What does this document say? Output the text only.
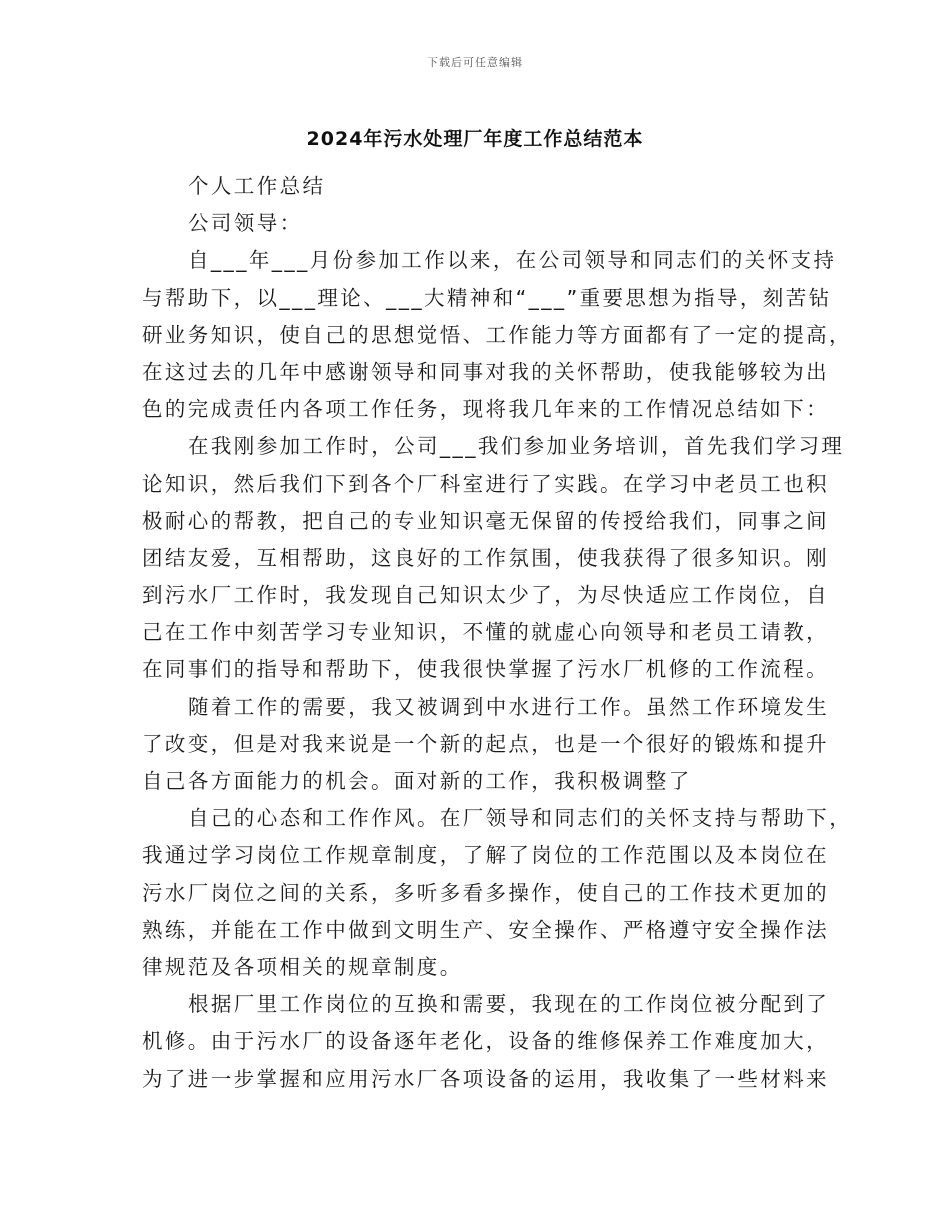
下载后可任意编辑
2024年污水处理厂年度工作总结范本
个人工作总结
公司领导：
自___年___月份参加工作以来，在公司领导和同志们的关怀支持
与帮助下，以___理论、___大精神和“___”重要思想为指导，刻苦钻
研业务知识，使自己的思想觉悟、工作能力等方面都有了一定的提高，
在这过去的几年中感谢领导和同事对我的关怀帮助，使我能够较为出
色的完成责任内各项工作任务，现将我几年来的工作情况总结如下：
在我刚参加工作时，公司___我们参加业务培训，首先我们学习理
论知识，然后我们下到各个厂科室进行了实践。在学习中老员工也积
极耐心的帮教，把自己的专业知识毫无保留的传授给我们，同事之间
团结友爱，互相帮助，这良好的工作氛围，使我获得了很多知识。刚
到污水厂工作时，我发现自己知识太少了，为尽快适应工作岗位，自
己在工作中刻苦学习专业知识，不懂的就虚心向领导和老员工请教，
在同事们的指导和帮助下，使我很快掌握了污水厂机修的工作流程。
随着工作的需要，我又被调到中水进行工作。虽然工作环境发生
了改变，但是对我来说是一个新的起点，也是一个很好的锻炼和提升
自己各方面能力的机会。面对新的工作，我积极调整了
自己的心态和工作作风。在厂领导和同志们的关怀支持与帮助下，
我通过学习岗位工作规章制度，了解了岗位的工作范围以及本岗位在
污水厂岗位之间的关系，多听多看多操作，使自己的工作技术更加的
熟练，并能在工作中做到文明生产、安全操作、严格遵守安全操作法
律规范及各项相关的规章制度。
根据厂里工作岗位的互换和需要，我现在的工作岗位被分配到了
机修。由于污水厂的设备逐年老化，设备的维修保养工作难度加大，
为了进一步掌握和应用污水厂各项设备的运用，我收集了一些材料来
